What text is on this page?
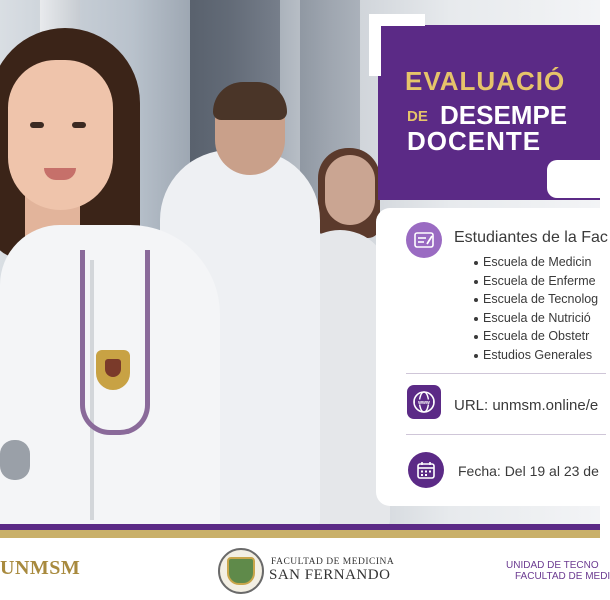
EVALUACIÓ
DE DESEMPE
DOCENTE
Estudiantes de la Fac
Escuela de Medicin
Escuela de Enferme
Escuela de Tecnolog
Escuela de Nutrició
Escuela de Obstetr
Estudios Generales
www URL: unmsm.online/e
Fecha: Del 19 al 23 de
UNMSM	FACULTAD DE MEDICINA
SAN FERNANDO
UNIDAD DE TECNO
FACULTAD DE MEDI
